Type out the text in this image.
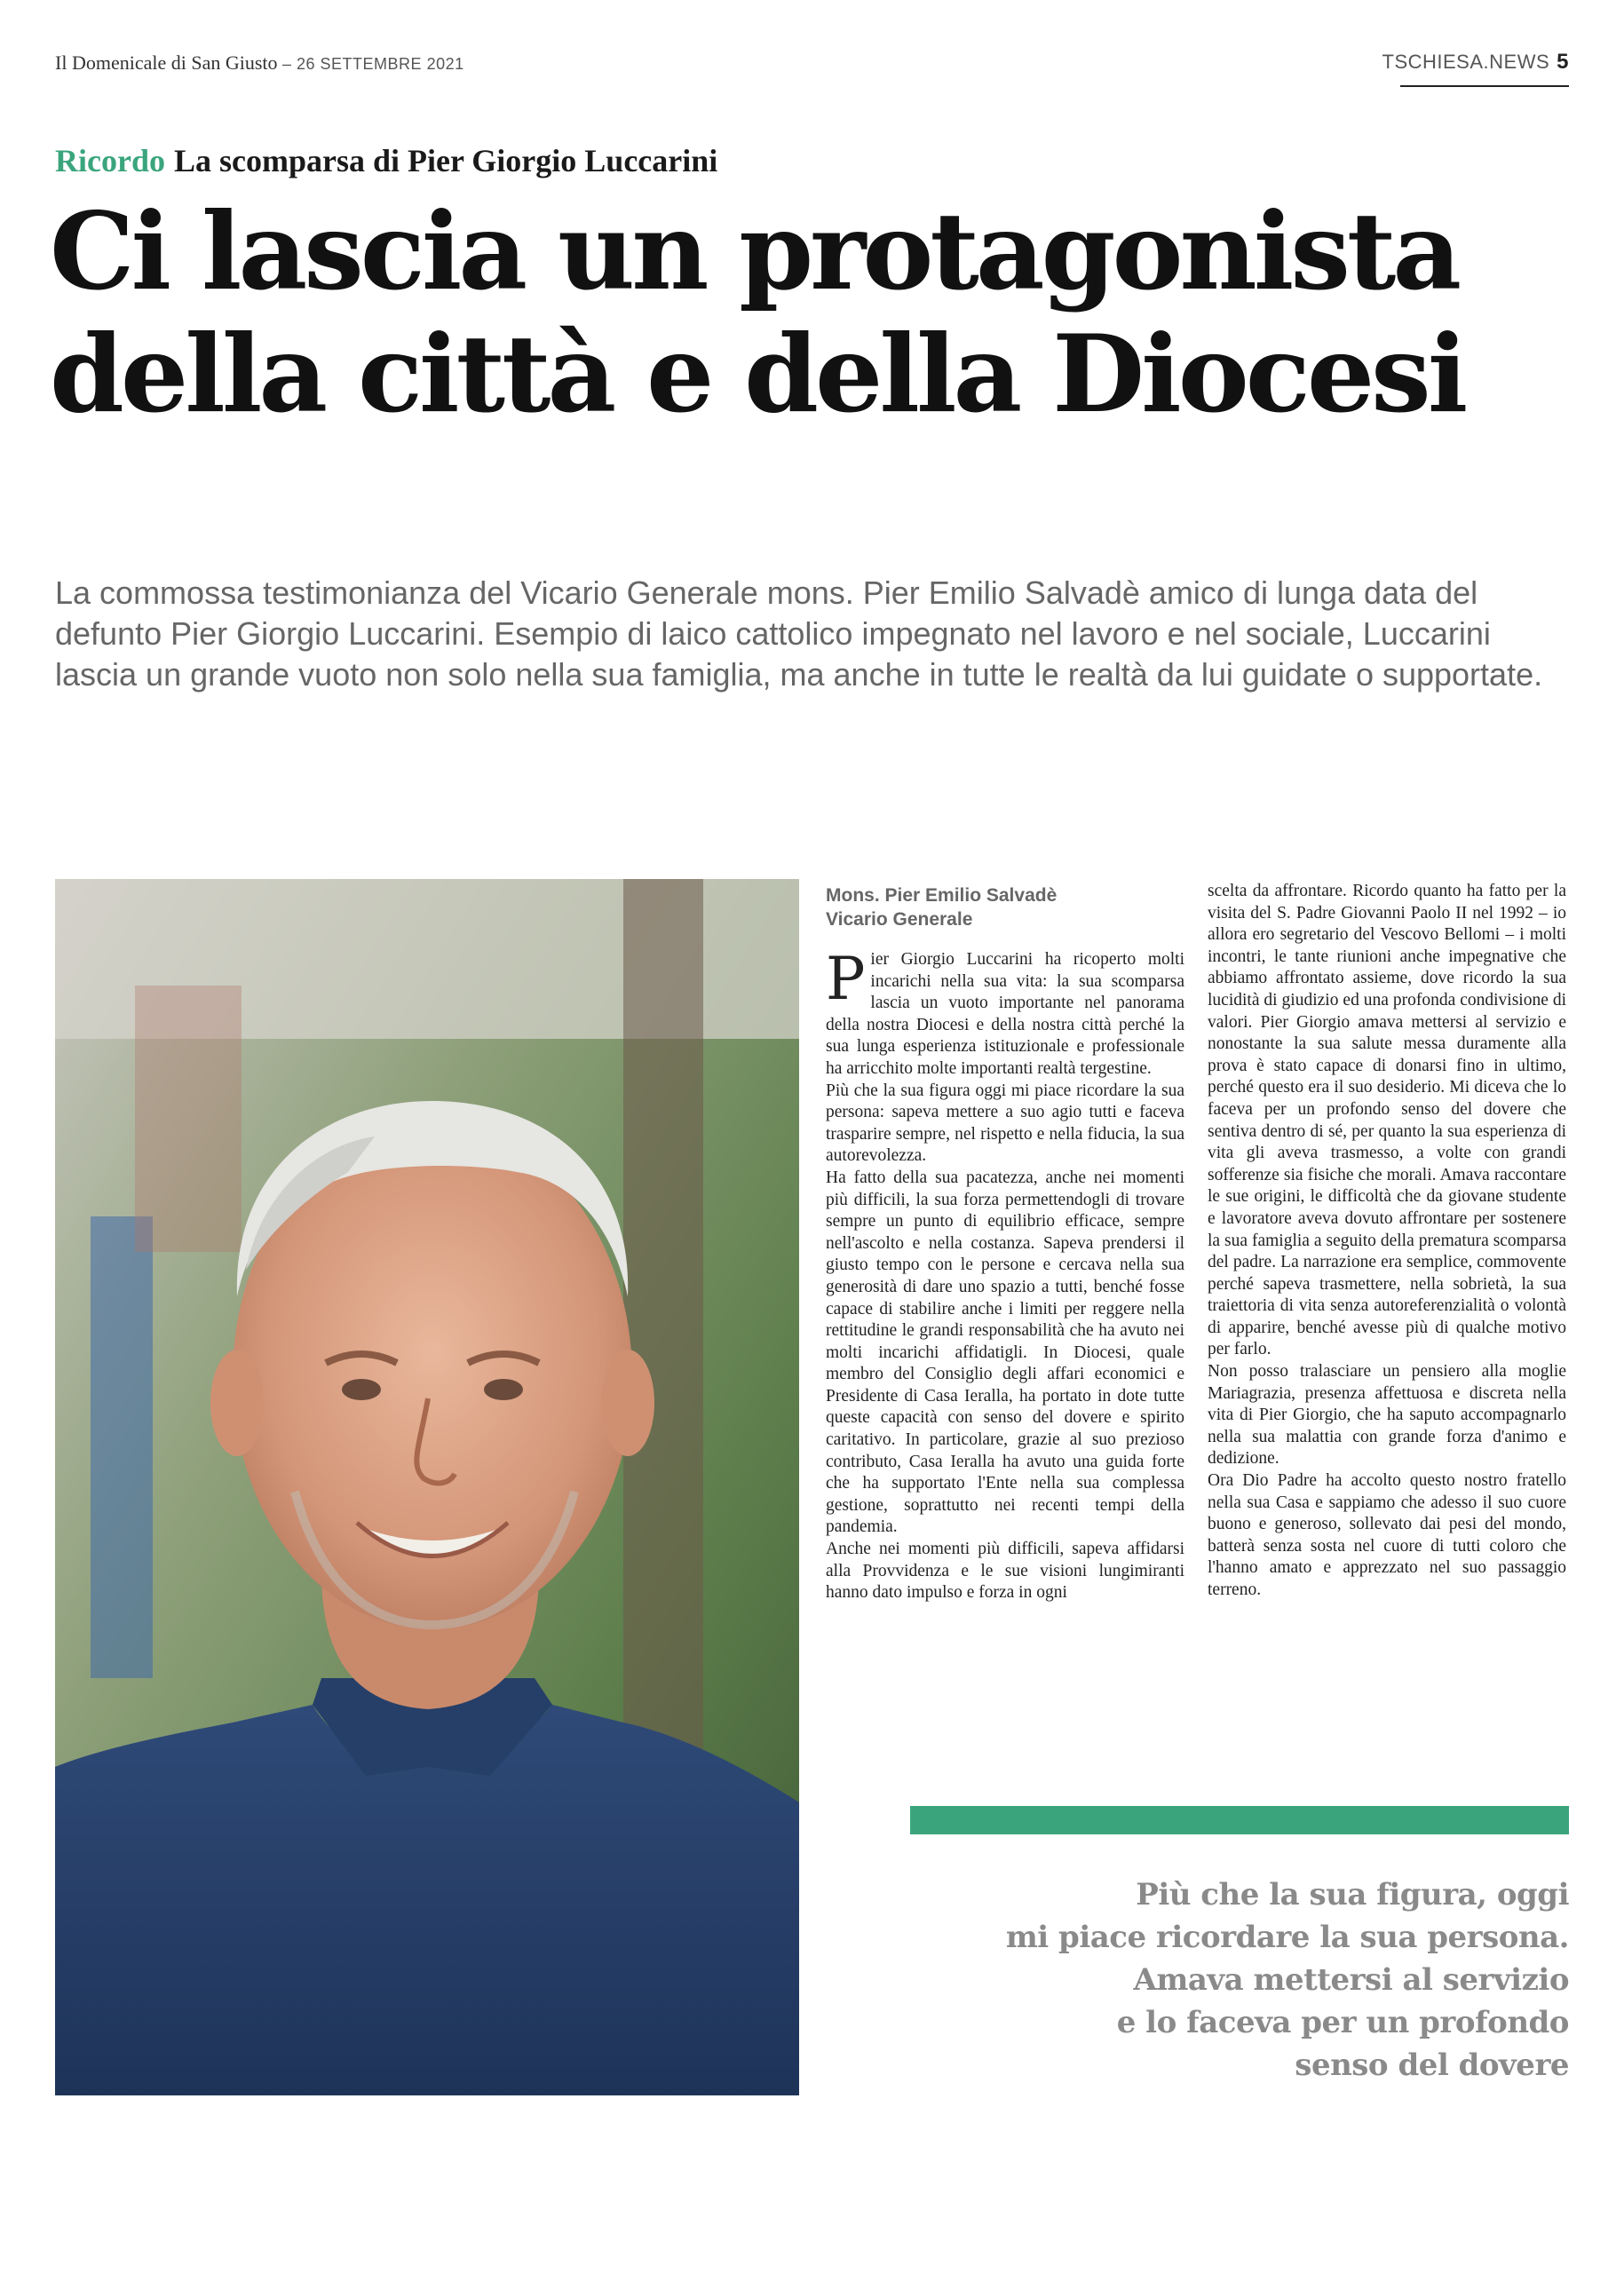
Il Domenicale di San Giusto – 26 SETTEMBRE 2021	TSCHIESA.NEWS 5
Ricordo La scomparsa di Pier Giorgio Luccarini
Ci lascia un protagonista
della città e della Diocesi

La commossa testimonianza del Vicario Generale mons. Pier Emilio Salvadè amico di lunga data del defunto Pier Giorgio Luccarini. Esempio di laico cattolico impegnato nel lavoro e nel sociale, Luccarini lascia un grande vuoto non solo nella sua famiglia, ma anche in tutte le realtà da lui guidate o supportate.

Mons. Pier Emilio Salvadè
Vicario Generale

Pier Giorgio Luccarini ha ricoperto molti incarichi nella sua vita: la sua scomparsa lascia un vuoto importante nel panorama della nostra Diocesi e della nostra città perché la sua lunga esperienza istituzionale e professionale ha arricchito molte importanti realtà tergestine.

Più che la sua figura oggi mi piace ricordare la sua persona: sapeva mettere a suo agio tutti e faceva trasparire sempre, nel rispetto e nella fiducia, la sua autorevolezza.

Ha fatto della sua pacatezza, anche nei momenti più difficili, la sua forza permettendogli di trovare sempre un punto di equilibrio efficace, sempre nell'ascolto e nella costanza. Sapeva prendersi il giusto tempo con le persone e cercava nella sua generosità di dare uno spazio a tutti, benché fosse capace di stabilire anche i limiti per reggere nella rettitudine le grandi responsabilità che ha avuto nei molti incarichi affidatigli. In Diocesi, quale membro del Consiglio degli affari economici e Presidente di Casa Ieralla, ha portato in dote tutte queste capacità con senso del dovere e spirito caritativo. In particolare, grazie al suo prezioso contributo, Casa Ieralla ha avuto una guida forte che ha supportato l'Ente nella sua complessa gestione, soprattutto nei recenti tempi della pandemia.

Anche nei momenti più difficili, sapeva affidarsi alla Provvidenza e le sue visioni lungimiranti hanno dato impulso e forza in ogni

scelta da affrontare. Ricordo quanto ha fatto per la visita del S. Padre Giovanni Paolo II nel 1992 – io allora ero segretario del Vescovo Bellomi – i molti incontri, le tante riunioni anche impegnative che abbiamo affrontato assieme, dove ricordo la sua lucidità di giudizio ed una profonda condivisione di valori. Pier Giorgio amava mettersi al servizio e nonostante la sua salute messa duramente alla prova è stato capace di donarsi fino in ultimo, perché questo era il suo desiderio. Mi diceva che lo faceva per un profondo senso del dovere che sentiva dentro di sé, per quanto la sua esperienza di vita gli aveva trasmesso, a volte con grandi sofferenze sia fisiche che morali. Amava raccontare le sue origini, le difficoltà che da giovane studente e lavoratore aveva dovuto affrontare per sostenere la sua famiglia a seguito della prematura scomparsa del padre. La narrazione era semplice, commovente perché sapeva trasmettere, nella sobrietà, la sua traiettoria di vita senza autoreferenzialità o volontà di apparire, benché avesse più di qualche motivo per farlo.

Non posso tralasciare un pensiero alla moglie Mariagrazia, presenza affettuosa e discreta nella vita di Pier Giorgio, che ha saputo accompagnarlo nella sua malattia con grande forza d'animo e dedizione.

Ora Dio Padre ha accolto questo nostro fratello nella sua Casa e sappiamo che adesso il suo cuore buono e generoso, sollevato dai pesi del mondo, batterà senza sosta nel cuore di tutti coloro che l'hanno amato e apprezzato nel suo passaggio terreno.

Più che la sua figura, oggi
mi piace ricordare la sua persona.
Amava mettersi al servizio
e lo faceva per un profondo
senso del dovere
